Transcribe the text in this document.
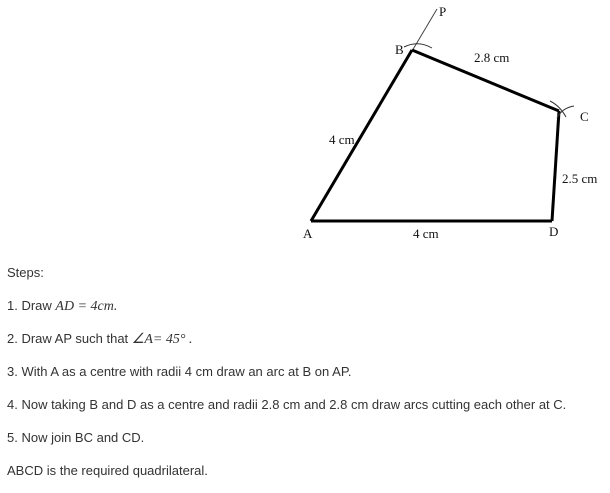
P
B
C
A	D
4 cm
2.8 cm
2.5 cm
4 cm
Steps:
1. Draw AD = 4cm.
2. Draw AP such that ∠A= 45° .
3. With A as a centre with radii 4 cm draw an arc at B on AP.
4. Now taking B and D as a centre and radii 2.8 cm and 2.8 cm draw arcs cutting each other at C.
5. Now join BC and CD.
ABCD is the required quadrilateral.
